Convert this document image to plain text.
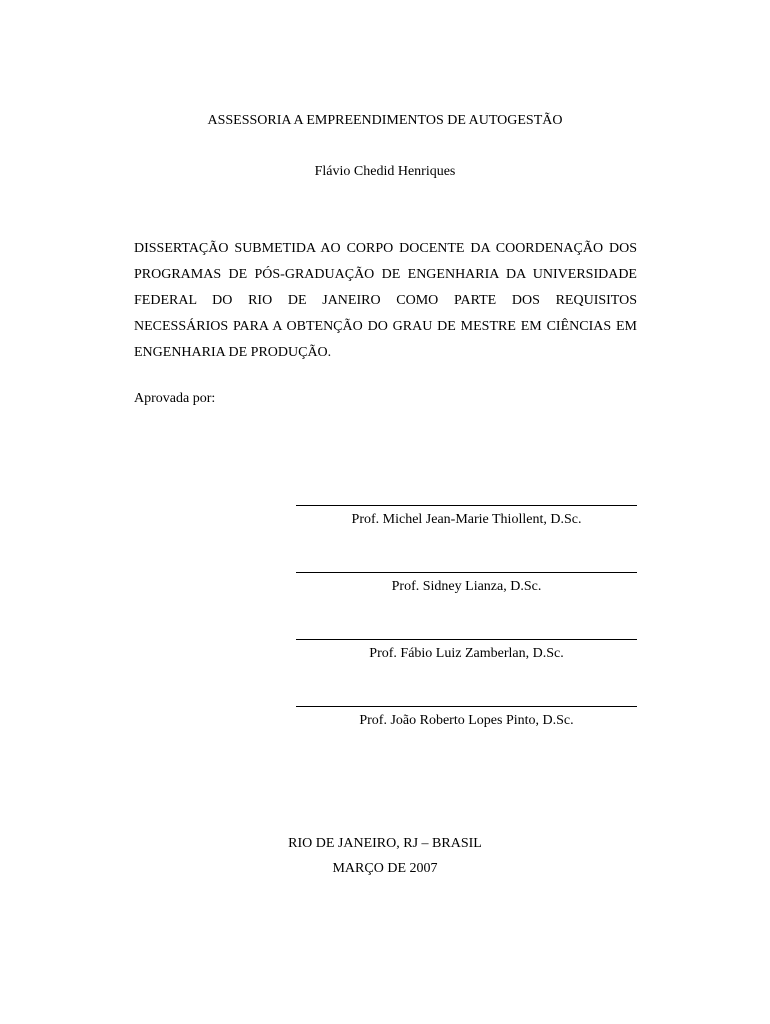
ASSESSORIA A EMPREENDIMENTOS DE AUTOGESTÃO
Flávio Chedid Henriques
DISSERTAÇÃO SUBMETIDA AO CORPO DOCENTE DA COORDENAÇÃO DOS
PROGRAMAS DE PÓS-GRADUAÇÃO DE ENGENHARIA DA UNIVERSIDADE
FEDERAL DO RIO DE JANEIRO COMO PARTE DOS REQUISITOS
NECESSÁRIOS PARA A OBTENÇÃO DO GRAU DE MESTRE EM CIÊNCIAS EM
ENGENHARIA DE PRODUÇÃO.
Aprovada por:
Prof. Michel Jean-Marie Thiollent, D.Sc.
Prof. Sidney Lianza, D.Sc.
Prof. Fábio Luiz Zamberlan, D.Sc.
Prof. João Roberto Lopes Pinto, D.Sc.
RIO DE JANEIRO, RJ – BRASIL
MARÇO DE 2007
